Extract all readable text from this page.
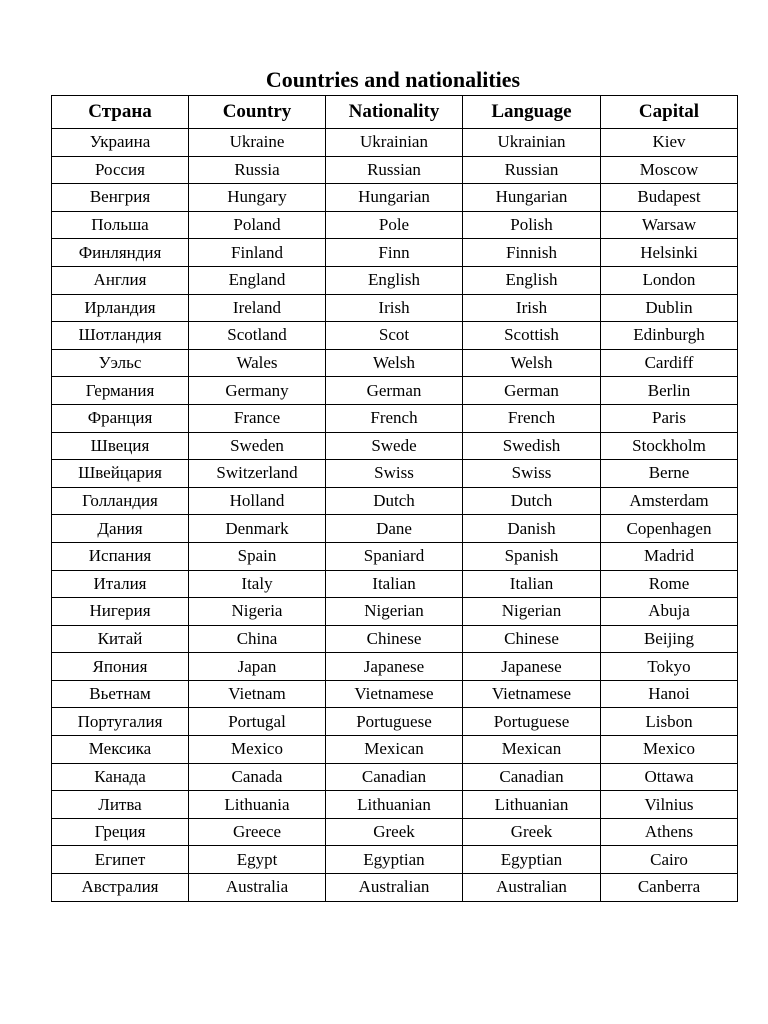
Countries and nationalities
Страна	Country	Nationality	Language	Capital
Украина	Ukraine	Ukrainian	Ukrainian	Kiev
Россия	Russia	Russian	Russian	Moscow
Венгрия	Hungary	Hungarian	Hungarian	Budapest
Польша	Poland	Pole	Polish	Warsaw
Финляндия	Finland	Finn	Finnish	Helsinki
Англия	England	English	English	London
Ирландия	Ireland	Irish	Irish	Dublin
Шотландия	Scotland	Scot	Scottish	Edinburgh
Уэльс	Wales	Welsh	Welsh	Cardiff
Германия	Germany	German	German	Berlin
Франция	France	French	French	Paris
Швеция	Sweden	Swede	Swedish	Stockholm
Швейцария	Switzerland	Swiss	Swiss	Berne
Голландия	Holland	Dutch	Dutch	Amsterdam
Дания	Denmark	Dane	Danish	Copenhagen
Испания	Spain	Spaniard	Spanish	Madrid
Италия	Italy	Italian	Italian	Rome
Нигерия	Nigeria	Nigerian	Nigerian	Abuja
Китай	China	Chinese	Chinese	Beijing
Япония	Japan	Japanese	Japanese	Tokyo
Вьетнам	Vietnam	Vietnamese	Vietnamese	Hanoi
Португалия	Portugal	Portuguese	Portuguese	Lisbon
Мексика	Mexico	Mexican	Mexican	Mexico
Канада	Canada	Canadian	Canadian	Ottawa
Литва	Lithuania	Lithuanian	Lithuanian	Vilnius
Греция	Greece	Greek	Greek	Athens
Египет	Egypt	Egyptian	Egyptian	Cairo
Австралия	Australia	Australian	Australian	Canberra
